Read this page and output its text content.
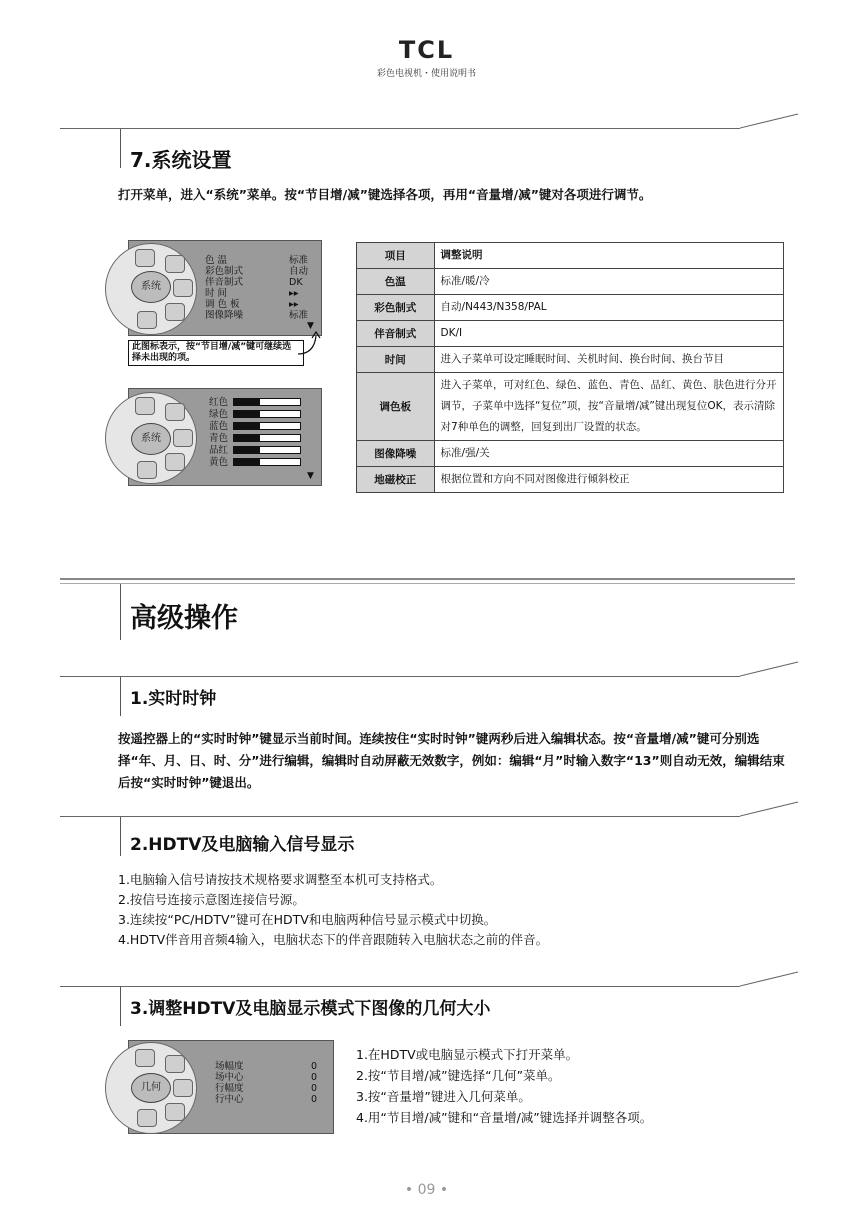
TCL
彩色电视机・使用说明书
7.系统设置
打开菜单，进入“系统”菜单。按“节目增/减”键选择各项，再用“音量增/减”键对各项进行调节。
系统
色 温	标准
彩色制式	自动
伴音制式	DK
时 间	▸▸
调 色 板	▸▸
图像降噪	标准
▼
此图标表示，按“节目增/减”键可继续选择未出现的项。
系统
红色
绿色
蓝色
青色
品红
黄色
▼
项目	调整说明
色温	标准/暖/冷
彩色制式	自动/N443/N358/PAL
伴音制式	DK/I
时间	进入子菜单可设定睡眠时间、关机时间、换台时间、换台节目
调色板	进入子菜单，可对红色、绿色、蓝色、青色、品红、黄色、肤色进行分开调节，子菜单中选择“复位”项，按“音量增/减”键出现复位OK，表示清除对7种单色的调整，回复到出厂设置的状态。
图像降噪	标准/强/关
地磁校正	根据位置和方向不同对图像进行倾斜校正
高级操作
1.实时时钟
按遥控器上的“实时时钟”键显示当前时间。连续按住“实时时钟”键两秒后进入编辑状态。按“音量增/减”键可分别选择“年、月、日、时、分”进行编辑，编辑时自动屏蔽无效数字，例如：编辑“月”时输入数字“13”则自动无效，编辑结束后按“实时时钟”键退出。
2.HDTV及电脑输入信号显示
1.电脑输入信号请按技术规格要求调整至本机可支持格式。
2.按信号连接示意图连接信号源。
3.连续按“PC/HDTV”键可在HDTV和电脑两种信号显示模式中切换。
4.HDTV伴音用音频4输入，电脑状态下的伴音跟随转入电脑状态之前的伴音。
3.调整HDTV及电脑显示模式下图像的几何大小
几何
场幅度	0
场中心	0
行幅度	0
行中心	0
1.在HDTV或电脑显示模式下打开菜单。
2.按“节目增/减”键选择“几何”菜单。
3.按“音量增”键进入几何菜单。
4.用“节目增/减”键和“音量增/减”键选择并调整各项。
• 09 •
